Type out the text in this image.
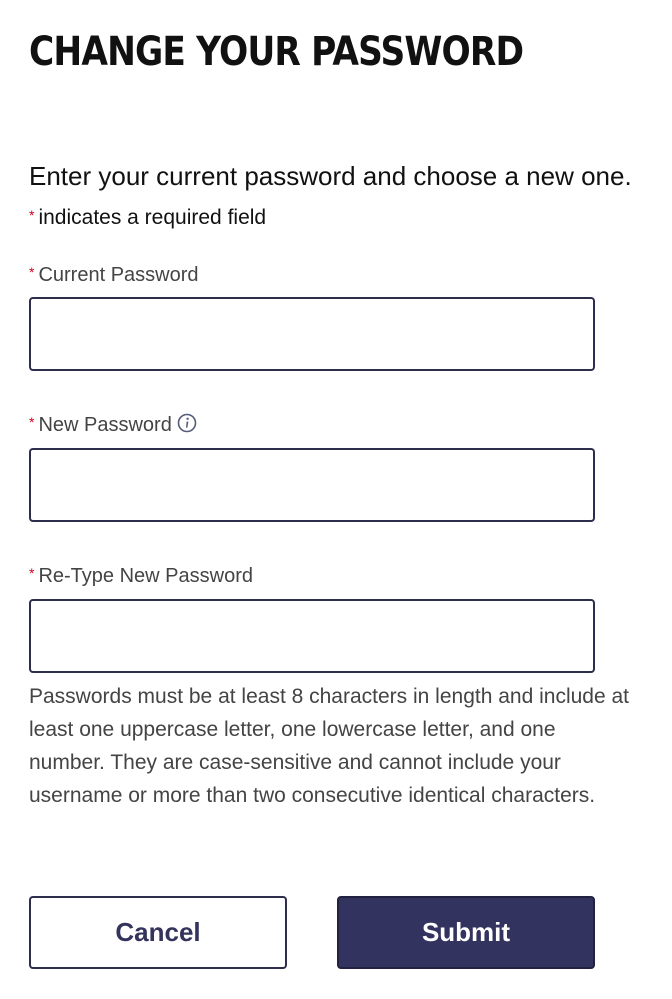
CHANGE YOUR PASSWORD
Enter your current password and choose a new one.
* indicates a required field
* Current Password
* New Password
* Re-Type New Password
Passwords must be at least 8 characters in length and include at least one uppercase letter, one lowercase letter, and one number. They are case-sensitive and cannot include your username or more than two consecutive identical characters.
Cancel	Submit
